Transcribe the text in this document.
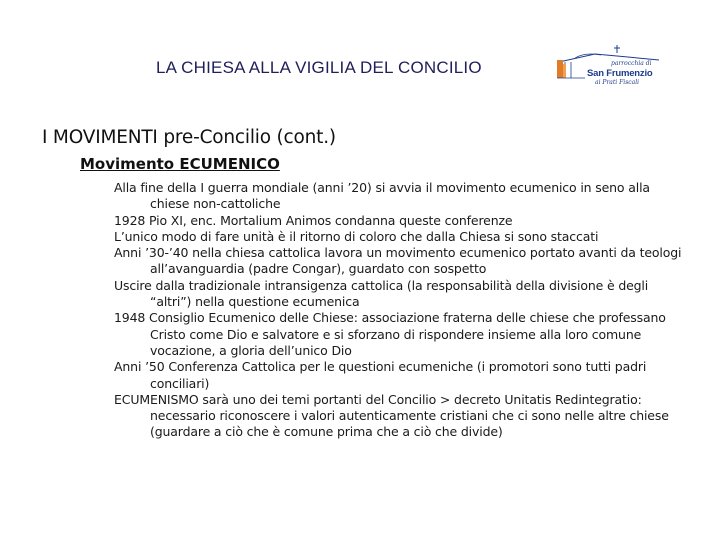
LA CHIESA ALLA VIGILIA DEL CONCILIO	parrocchia di
San Frumenzio
ai Prati Fiscali
I MOVIMENTI pre-Concilio (cont.)
Movimento ECUMENICO

Alla fine della I guerra mondiale (anni ’20) si avvia il movimento ecumenico in seno alla chiese non-cattoliche

1928 Pio XI, enc. Mortalium Animos condanna queste conferenze

L’unico modo di fare unità è il ritorno di coloro che dalla Chiesa si sono staccati

Anni ’30-’40 nella chiesa cattolica lavora un movimento ecumenico portato avanti da teologi all’avanguardia (padre Congar), guardato con sospetto

Uscire dalla tradizionale intransigenza cattolica (la responsabilità della divisione è degli “altri”) nella questione ecumenica

1948 Consiglio Ecumenico delle Chiese: associazione fraterna delle chiese che professano Cristo come Dio e salvatore e si sforzano di rispondere insieme alla loro comune vocazione, a gloria dell’unico Dio

Anni ’50 Conferenza Cattolica per le questioni ecumeniche (i promotori sono tutti padri conciliari)

ECUMENISMO sarà uno dei temi portanti del Concilio > decreto Unitatis Redintegratio: necessario riconoscere i valori autenticamente cristiani che ci sono nelle altre chiese (guardare a ciò che è comune prima che a ciò che divide)
